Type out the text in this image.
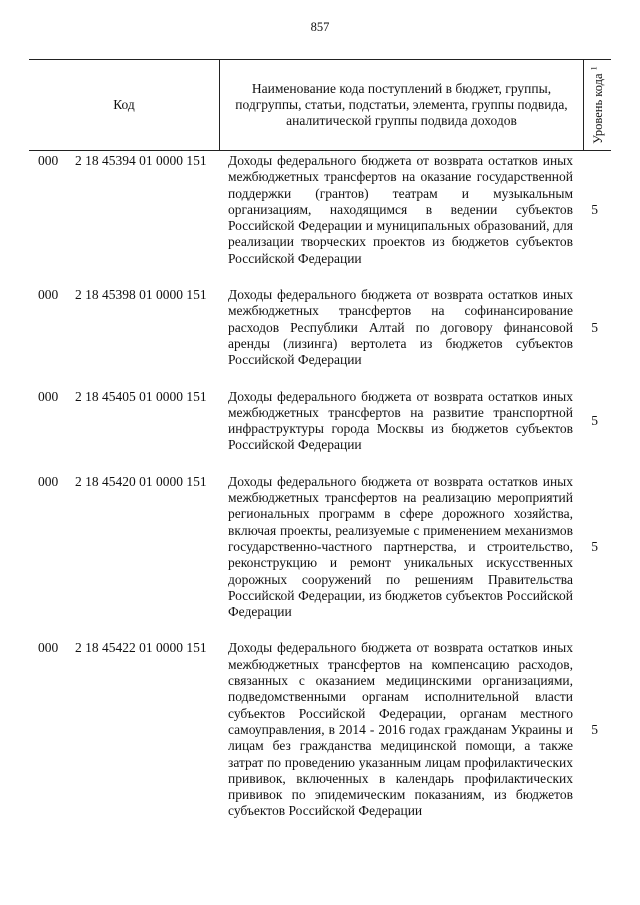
857
Код
Наименование кода поступлений в бюджет, группы, подгруппы, статьи, подстатьи, элемента, группы подвида, аналитической группы подвида доходов	Уровень кода $^1$
000 2 18 45394 01 0000 151 Доходы федерального бюджета от возврата остатков иных межбюджетных трансфертов на оказание государственной поддержки (грантов) театрам и музыкальным организациям, находящимся в ведении субъектов Российской Федерации и муниципальных образований, для реализации творческих проектов из бюджетов субъектов Российской Федерации
5
000 2 18 45398 01 0000 151 Доходы федерального бюджета от возврата остатков иных межбюджетных трансфертов на софинансирование расходов Республики Алтай по договору финансовой аренды (лизинга) вертолета из бюджетов субъектов Российской Федерации
5
000 2 18 45405 01 0000 151 Доходы федерального бюджета от возврата остатков иных межбюджетных трансфертов на развитие транспортной инфраструктуры города Москвы из бюджетов субъектов Российской Федерации
5
000 2 18 45420 01 0000 151 Доходы федерального бюджета от возврата остатков иных межбюджетных трансфертов на реализацию мероприятий региональных программ в сфере дорожного хозяйства, включая проекты, реализуемые с применением механизмов государственно-частного партнерства, и строительство, реконструкцию и ремонт уникальных искусственных дорожных сооружений по решениям Правительства Российской Федерации, из бюджетов субъектов Российской Федерации
5
000 2 18 45422 01 0000 151 Доходы федерального бюджета от возврата остатков иных межбюджетных трансфертов на компенсацию расходов, связанных с оказанием медицинскими организациями, подведомственными органам исполнительной власти субъектов Российской Федерации, органам местного самоуправления, в 2014 - 2016 годах гражданам Украины и лицам без гражданства медицинской помощи, а также затрат по проведению указанным лицам профилактических прививок, включенных в календарь профилактических прививок по эпидемическим показаниям, из бюджетов субъектов Российской Федерации
5
